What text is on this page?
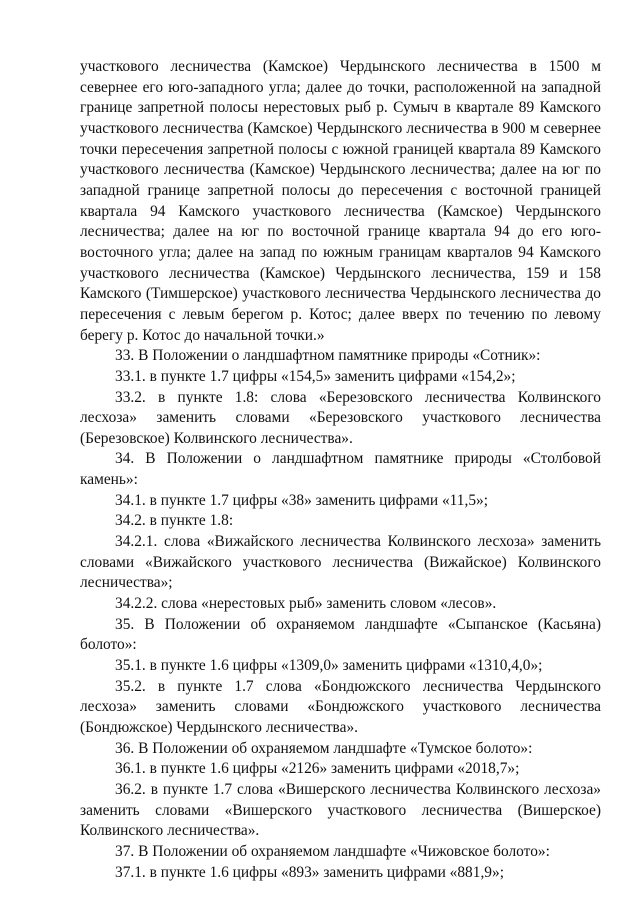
участкового лесничества (Камское) Чердынского лесничества в 1500 м севернее его юго-западного угла; далее до точки, расположенной на западной границе запретной полосы нерестовых рыб р. Сумыч в квартале 89 Камского участкового лесничества (Камское) Чердынского лесничества в 900 м севернее точки пересечения запретной полосы с южной границей квартала 89 Камского участкового лесничества (Камское) Чердынского лесничества; далее на юг по западной границе запретной полосы до пересечения с восточной границей квартала 94 Камского участкового лесничества (Камское) Чердынского лесничества; далее на юг по восточной границе квартала 94 до его юго-восточного угла; далее на запад по южным границам кварталов 94 Камского участкового лесничества (Камское) Чердынского лесничества, 159 и 158 Камского (Тимшерское) участкового лесничества Чердынского лесничества до пересечения с левым берегом р. Котос; далее вверх по течению по левому берегу р. Котос до начальной точки.»

33. В Положении о ландшафтном памятнике природы «Сотник»:

33.1. в пункте 1.7 цифры «154,5» заменить цифрами «154,2»;

33.2. в пункте 1.8: слова «Березовского лесничества Колвинского лесхоза» заменить словами «Березовского участкового лесничества (Березовское) Колвинского лесничества».

34. В Положении о ландшафтном памятнике природы «Столбовой камень»:

34.1. в пункте 1.7 цифры «38» заменить цифрами «11,5»;

34.2. в пункте 1.8:

34.2.1. слова «Вижайского лесничества Колвинского лесхоза» заменить словами «Вижайского участкового лесничества (Вижайское) Колвинского лесничества»;

34.2.2. слова «нерестовых рыб» заменить словом «лесов».

35. В Положении об охраняемом ландшафте «Сыпанское (Касьяна) болото»:

35.1. в пункте 1.6 цифры «1309,0» заменить цифрами «1310,4,0»;

35.2. в пункте 1.7 слова «Бондюжского лесничества Чердынского лесхоза» заменить словами «Бондюжского участкового лесничества (Бондюжское) Чердынского лесничества».

36. В Положении об охраняемом ландшафте «Тумское болото»:

36.1. в пункте 1.6 цифры «2126» заменить цифрами «2018,7»;

36.2. в пункте 1.7 слова «Вишерского лесничества Колвинского лесхоза» заменить словами «Вишерского участкового лесничества (Вишерское) Колвинского лесничества».

37. В Положении об охраняемом ландшафте «Чижовское болото»:

37.1. в пункте 1.6 цифры «893» заменить цифрами «881,9»;
